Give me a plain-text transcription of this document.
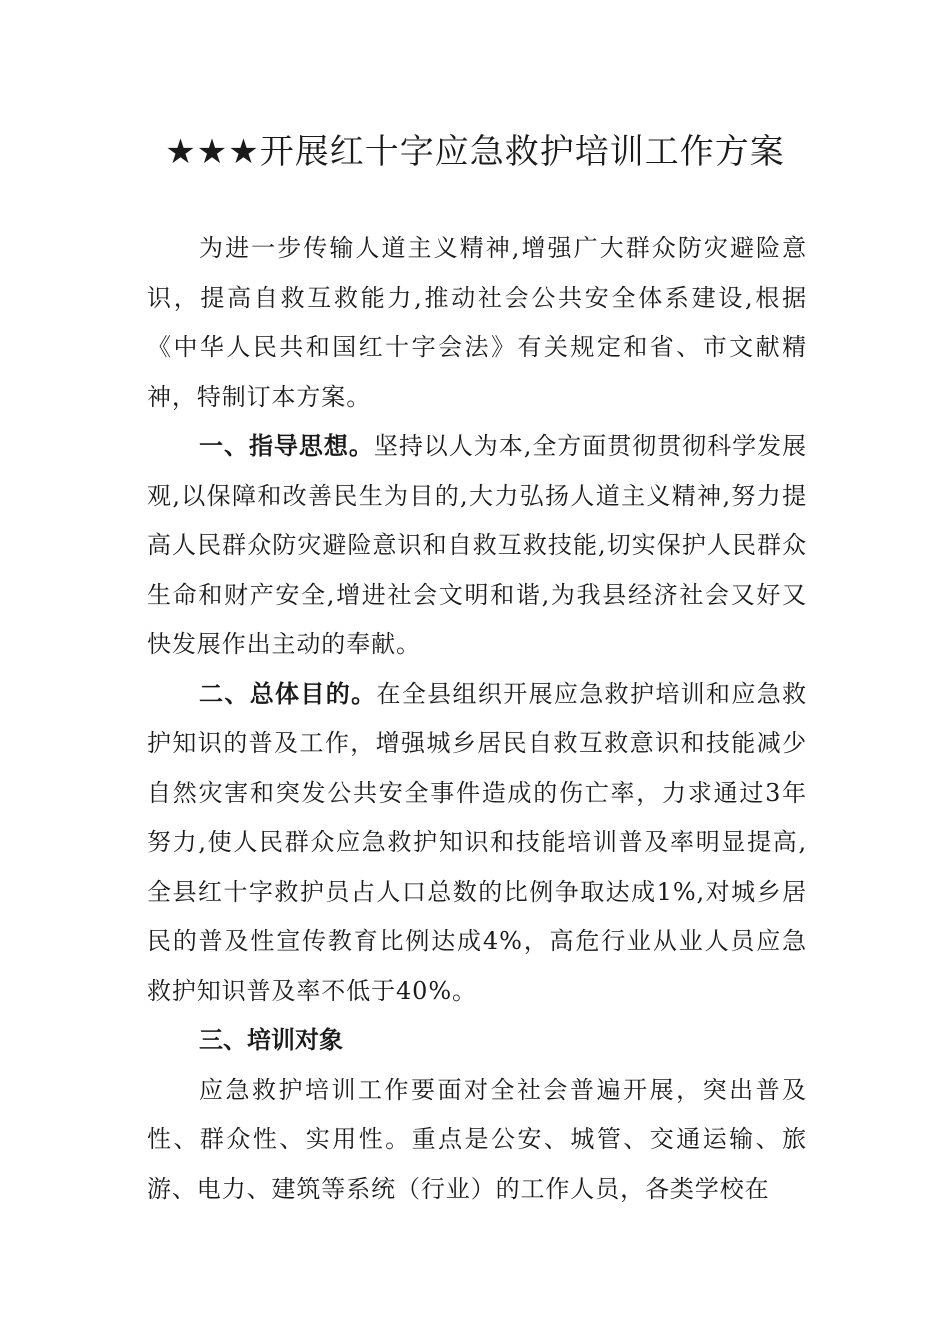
★★★开展红十字应急救护培训工作方案

为进一步传输人道主义精神,增强广大群众防灾避险意识，提高自救互救能力,推动社会公共安全体系建设,根据《中华人民共和国红十字会法》有关规定和省、市文献精神，特制订本方案。

一、指导思想。坚持以人为本,全方面贯彻贯彻科学发展观,以保障和改善民生为目的,大力弘扬人道主义精神,努力提高人民群众防灾避险意识和自救互救技能,切实保护人民群众生命和财产安全,增进社会文明和谐,为我县经济社会又好又快发展作出主动的奉献。

二、总体目的。在全县组织开展应急救护培训和应急救护知识的普及工作，增强城乡居民自救互救意识和技能减少自然灾害和突发公共安全事件造成的伤亡率，力求通过3年努力,使人民群众应急救护知识和技能培训普及率明显提高,全县红十字救护员占人口总数的比例争取达成1%,对城乡居民的普及性宣传教育比例达成4%，高危行业从业人员应急救护知识普及率不低于40%。

三、培训对象

应急救护培训工作要面对全社会普遍开展，突出普及性、群众性、实用性。重点是公安、城管、交通运输、旅游、电力、建筑等系统（行业）的工作人员，各类学校在
